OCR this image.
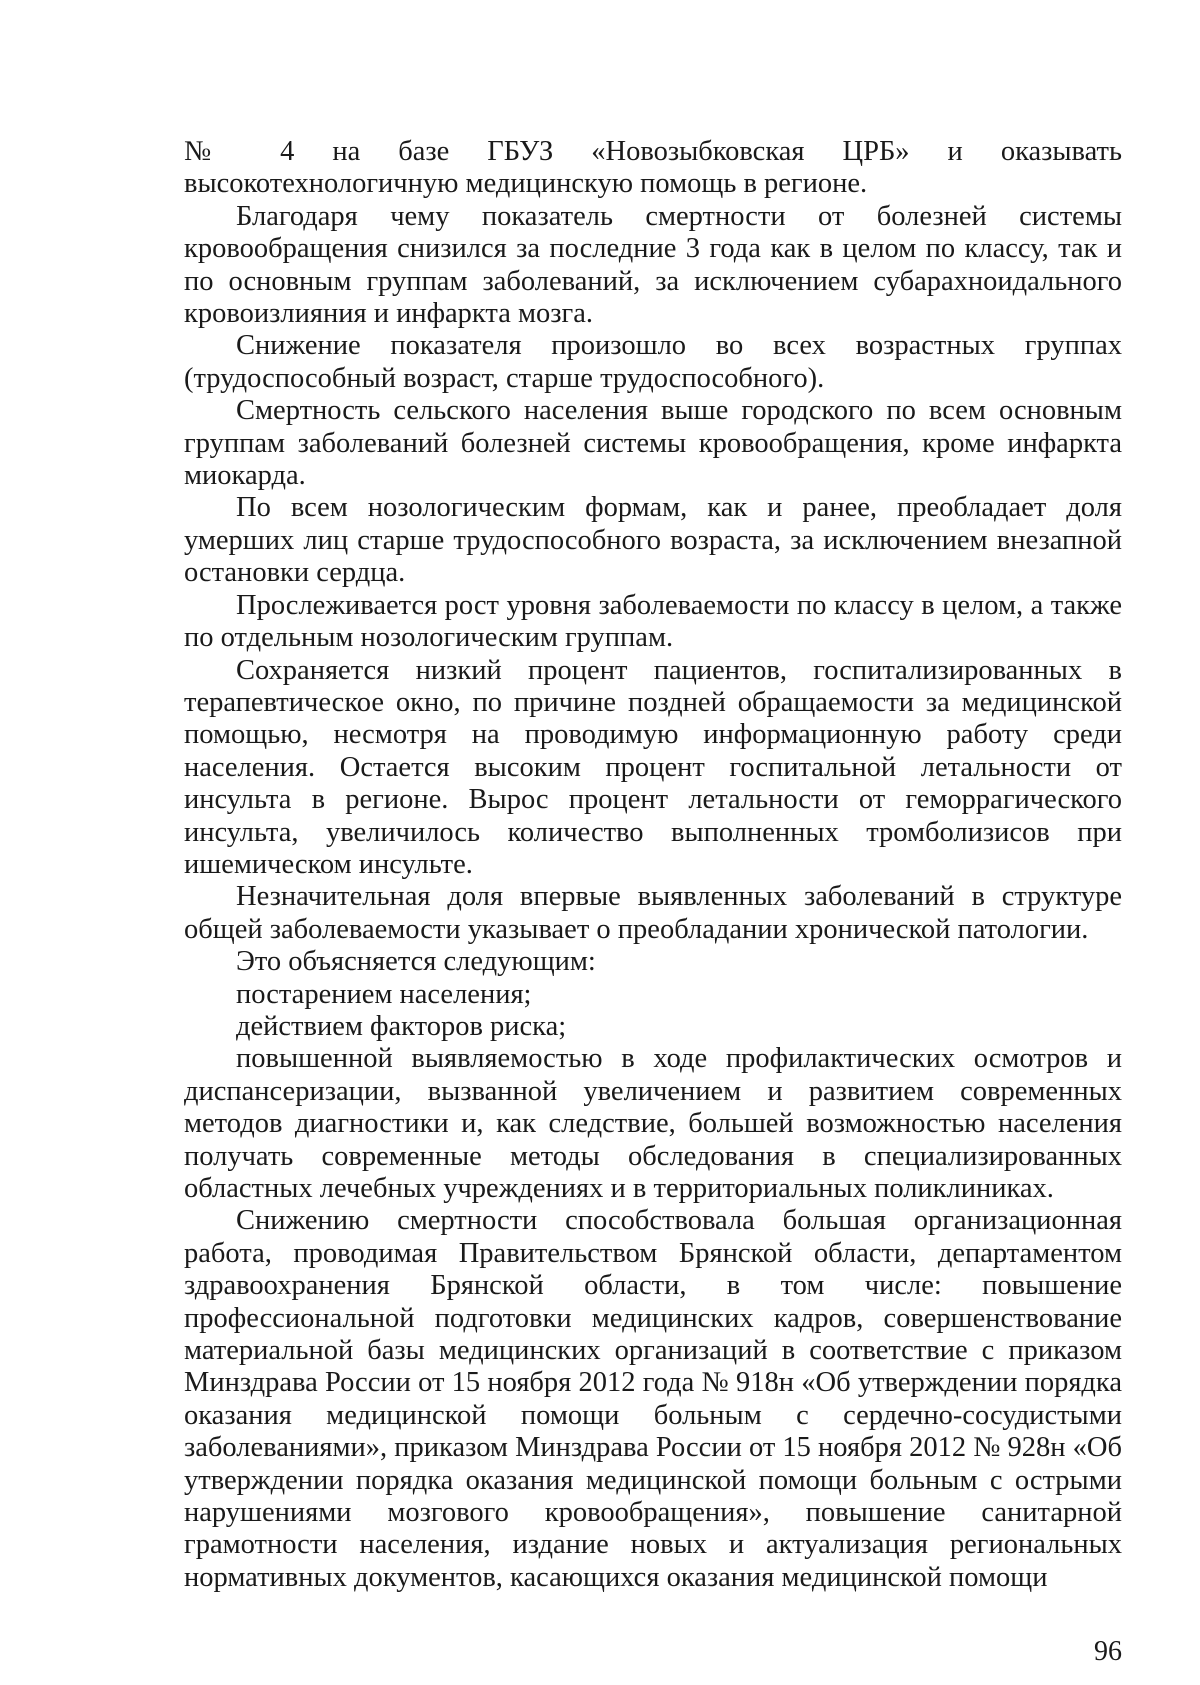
№ 4 на базе ГБУЗ «Новозыбковская ЦРБ» и оказывать высокотехнологичную медицинскую помощь в регионе.

Благодаря чему показатель смертности от болезней системы кровообращения снизился за последние 3 года как в целом по классу, так и по основным группам заболеваний, за исключением субарахноидального кровоизлияния и инфаркта мозга.

Снижение показателя произошло во всех возрастных группах (трудоспособный возраст, старше трудоспособного).

Смертность сельского населения выше городского по всем основным группам заболеваний болезней системы кровообращения, кроме инфаркта миокарда.

По всем нозологическим формам, как и ранее, преобладает доля умерших лиц старше трудоспособного возраста, за исключением внезапной остановки сердца.

Прослеживается рост уровня заболеваемости по классу в целом, а также по отдельным нозологическим группам.

Сохраняется низкий процент пациентов, госпитализированных в терапевтическое окно, по причине поздней обращаемости за медицинской помощью, несмотря на проводимую информационную работу среди населения. Остается высоким процент госпитальной летальности от инсульта в регионе. Вырос процент летальности от геморрагического инсульта, увеличилось количество выполненных тромболизисов при ишемическом инсульте.

Незначительная доля впервые выявленных заболеваний в структуре общей заболеваемости указывает о преобладании хронической патологии.

Это объясняется следующим:

постарением населения;

действием факторов риска;

повышенной выявляемостью в ходе профилактических осмотров и диспансеризации, вызванной увеличением и развитием современных методов диагностики и, как следствие, большей возможностью населения получать современные методы обследования в специализированных областных лечебных учреждениях и в территориальных поликлиниках.

Снижению смертности способствовала большая организационная работа, проводимая Правительством Брянской области, департаментом здравоохранения Брянской области, в том числе: повышение профессиональной подготовки медицинских кадров, совершенствование материальной базы медицинских организаций в соответствие с приказом Минздрава России от 15 ноября 2012 года № 918н «Об утверждении порядка оказания медицинской помощи больным с сердечно-сосудистыми заболеваниями», приказом Минздрава России от 15 ноября 2012 № 928н «Об утверждении порядка оказания медицинской помощи больным с острыми нарушениями мозгового кровообращения», повышение санитарной грамотности населения, издание новых и актуализация региональных нормативных документов, касающихся оказания медицинской помощи

96
